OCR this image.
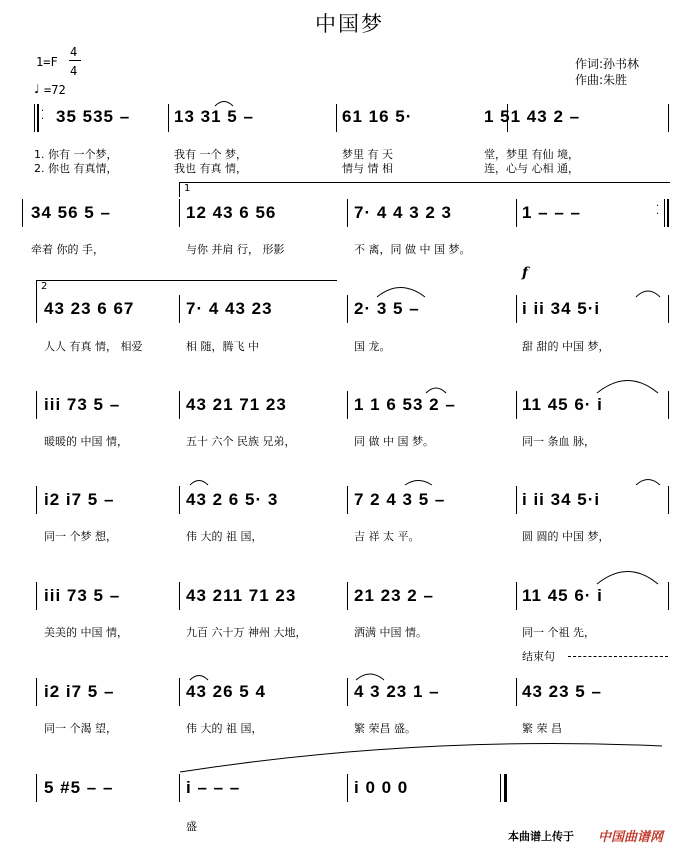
中国梦
1=F
4
4
♩ =72
作词:孙书林
作曲:朱胜
·
· 35 535 –	13 31 5 –	61 16 5·	1 51 43 2 –
1. 你有 一个梦，	我有 一个 梦，	梦里 有 天	堂，梦里 有仙 境，
2. 你也 有真情，	我也 有真 情，	情与 情 相	连，心与 心相 通，
1
34 56 5 –	12 43 6 56	7· 4 4 3 2 3	1 – – –	·
·
牵着 你的 手，	与你 并肩 行， 形影	不 离，同 做 中 国 梦。
2
f
43 23 6 67	7· 4 43 23	2· 3 5 –	i ii 34 5·i
人人 有真 情， 相爱	相 随，腾飞 中	国 龙。	甜 甜的 中国 梦，
iii 73 5 –	43 21 71 23	1 1 6 53 2 –	11 45 6· i
暖暖的 中国 情，	五十 六个 民族 兄弟，	同 做 中 国 梦。	同一 条血 脉，
i2 i7 5 –	43 2 6 5· 3	7 2 4 3 5 –	i ii 34 5·i
同一 个梦 想，	伟 大的 祖 国，	吉 祥 太 平。	圆 圆的 中国 梦，
iii 73 5 –	43 211 71 23	21 23 2 –	11 45 6· i
美美的 中国 情，	九百 六十万 神州 大地，	洒满 中国 情。	同一 个祖 先，
结束句
i2 i7 5 –	43 26 5 4	4 3 23 1 –	43 23 5 –
同一 个渴 望，	伟 大的 祖 国，	繁 荣昌 盛。	繁 荣 昌
5 #5 – –	i – – –	i 0 0 0
盛
本曲谱上传于 中国曲谱网
